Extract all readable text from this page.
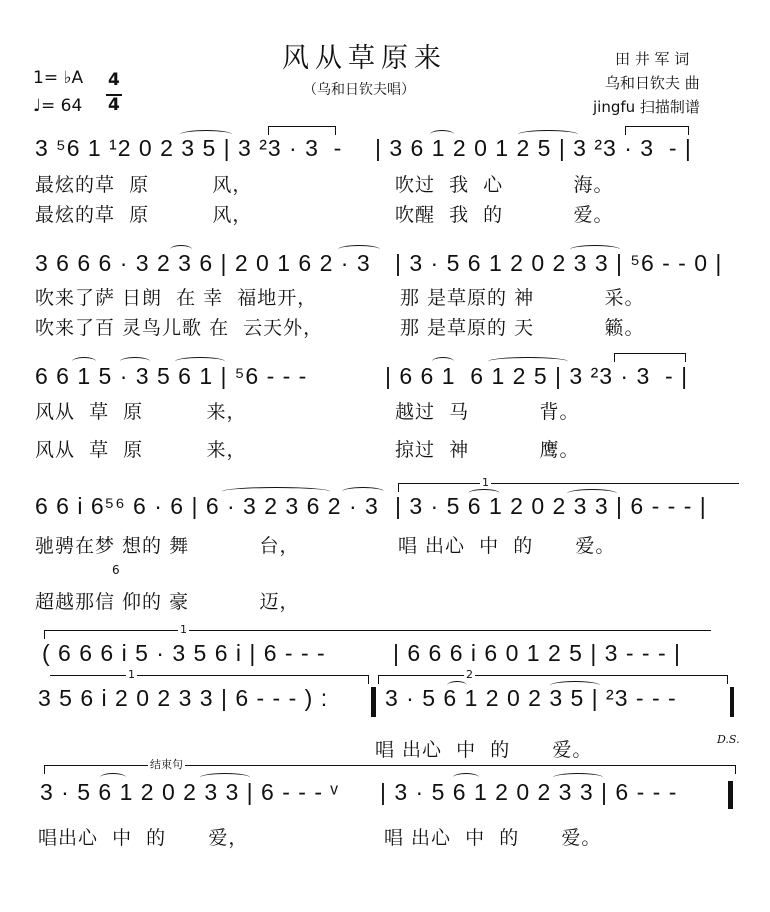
风从草原来
（乌和日钦夫唱）
田 井 军 词
乌和日钦夫 曲
jingfu 扫描制谱
1= ♭A
♩= 64
4
4
3 ⁵6 1 ¹2 0 2 3 5 | 3 ²3 · 3  - | 3 6 1 2 0 1 2 5 | 3 ²3 · 3  - |
最炫的草  原         风，	吹过  我  心          海。
最炫的草  原         风，	吹醒  我  的          爱。
3 6 6 6 · 3 2 3 6 | 2 0 1 6 2 · 3 | 3 · 5 6 1 2 0 2 3 3 | ⁵6 - - 0 |
吹来了萨 日朗  在 幸  福地开，	那 是草原的 神          采。
吹来了百 灵鸟儿歌 在  云天外，	那 是草原的 天          籁。
6 6 1 5 · 3 5 6 1 | ⁵6 - - -	| 6 6 1  6 1 2 5 | 3 ²3 · 3  - |
风从  草  原         来，	越过  马          背。
风从  草  原         来，	掠过  神          鹰。
6 6 i 6⁵⁶ 6 · 6 | 6 · 3 2 3 6 2 · 3 | 3 · 5 6 1 2 0 2 3 3 | 6 - - - |
1
驰骋在梦 想的 舞          台，	唱 出心  中  的      爱。
6
超越那信 仰的 豪          迈，
1
( 6 6 6 i 5 · 3 5 6 i | 6 - - -	| 6 6 6 i 6 0 1 2 5 | 3 - - - |
1	2
3 5 6 i 2 0 2 3 3 | 6 - - - ) : 3 · 5 6 1 2 0 2 3 5 | ²3 - - -
唱 出心  中  的      爱。	D.S.
结束句
3 · 5 6 1 2 0 2 3 3 | 6 - - - ᵛ | 3 · 5 6 1 2 0 2 3 3 | 6 - - -
唱出心  中  的      爱，	唱 出心  中  的      爱。
